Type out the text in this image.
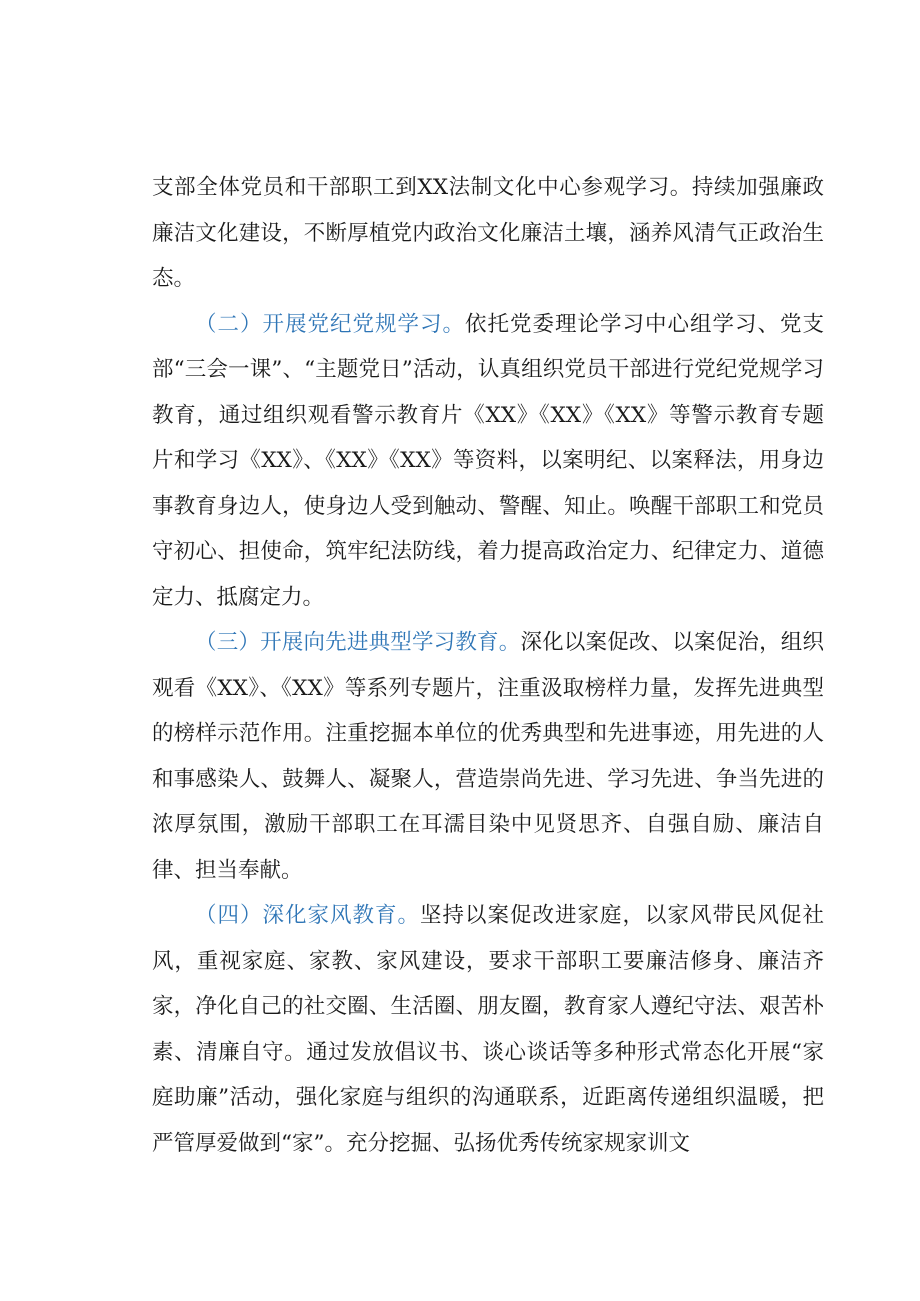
支部全体党员和干部职工到XX法制文化中心参观学习。持续加强廉政廉洁文化建设，不断厚植党内政治文化廉洁土壤，涵养风清气正政治生态。

（二）开展党纪党规学习。依托党委理论学习中心组学习、党支部“三会一课”、“主题党日”活动，认真组织党员干部进行党纪党规学习教育，通过组织观看警示教育片《XX》《XX》《XX》等警示教育专题片和学习《XX》、《XX》《XX》等资料，以案明纪、以案释法，用身边事教育身边人，使身边人受到触动、警醒、知止。唤醒干部职工和党员守初心、担使命，筑牢纪法防线，着力提高政治定力、纪律定力、道德定力、抵腐定力。

（三）开展向先进典型学习教育。深化以案促改、以案促治，组织观看《XX》、《XX》等系列专题片，注重汲取榜样力量，发挥先进典型的榜样示范作用。注重挖掘本单位的优秀典型和先进事迹，用先进的人和事感染人、鼓舞人、凝聚人，营造崇尚先进、学习先进、争当先进的浓厚氛围，激励干部职工在耳濡目染中见贤思齐、自强自励、廉洁自律、担当奉献。

（四）深化家风教育。坚持以案促改进家庭，以家风带民风促社风，重视家庭、家教、家风建设，要求干部职工要廉洁修身、廉洁齐家，净化自己的社交圈、生活圈、朋友圈，教育家人遵纪守法、艰苦朴素、清廉自守。通过发放倡议书、谈心谈话等多种形式常态化开展“家庭助廉”活动，强化家庭与组织的沟通联系，近距离传递组织温暖，把严管厚爱做到“家”。充分挖掘、弘扬优秀传统家规家训文
